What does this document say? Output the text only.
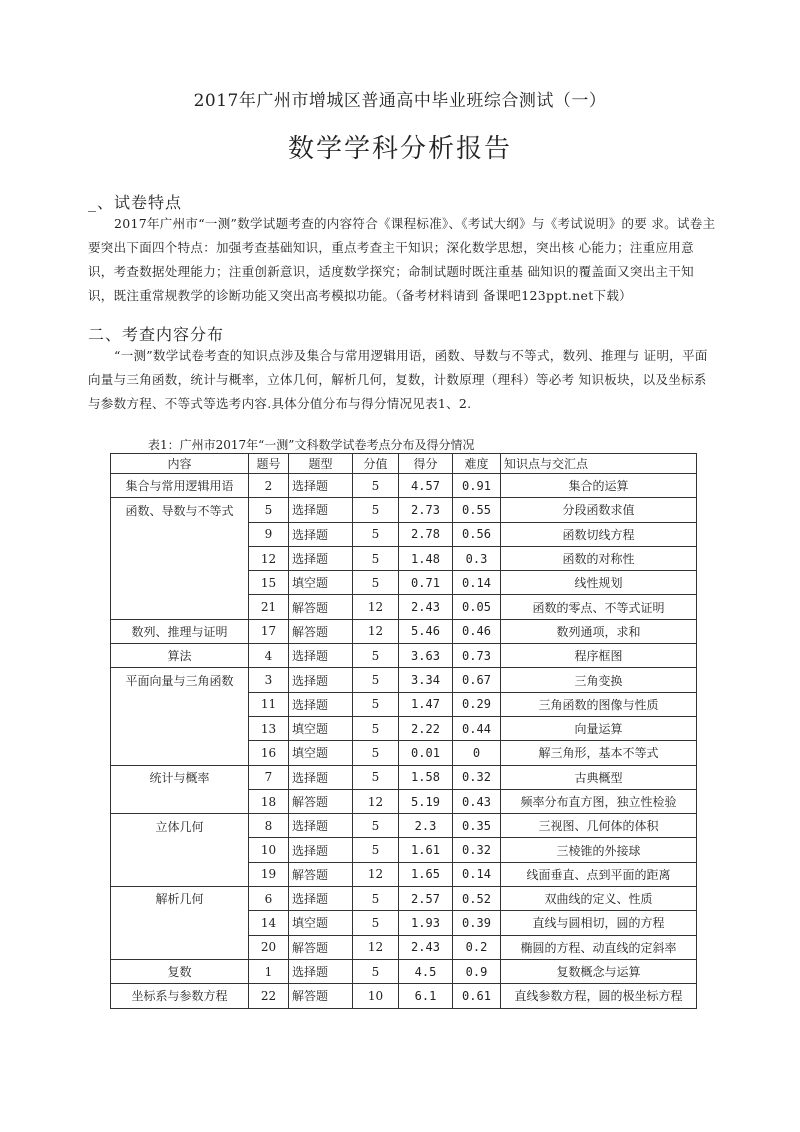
2017年广州市增城区普通高中毕业班综合测试（一）
数学学科分析报告
_、试卷特点
2017年广州市“一测”数学试题考查的内容符合《课程标准》、《考试大纲》与《考试说明》的要 求。试卷主要突出下面四个特点：加强考查基础知识，重点考查主干知识；深化数学思想，突出核 心能力；注重应用意识，考查数据处理能力；注重创新意识，适度数学探究；命制试题时既注重基 础知识的覆盖面又突出主干知识，既注重常规教学的诊断功能又突出高考模拟功能。（备考材料请到 备课吧123ppt.net下载）
二、考查内容分布
“一测”数学试卷考查的知识点涉及集合与常用逻辑用语，函数、导数与不等式，数列、推理与 证明，平面向量与三角函数，统计与概率，立体几何，解析几何，复数，计数原理（理科）等必考 知识板块，以及坐标系与参数方程、不等式等选考内容.具体分值分布与得分情况见表1、2.
表1：广州市2017年“一测”文科数学试卷考点分布及得分情况
内容	题号	题型	分值	得分	难度	知识点与交汇点
集合与常用逻辑用语	2	选择题	5	4.57	0.91	集合的运算
函数、导数与不等式	5	选择题	5	2.73	0.55	分段函数求值
	9	选择题	5	2.78	0.56	函数切线方程
	12	选择题	5	1.48	0.3	函数的对称性
	15	填空题	5	0.71	0.14	线性规划
	21	解答题	12	2.43	0.05	函数的零点、不等式证明
数列、推理与证明	17	解答题	12	5.46	0.46	数列通项，求和
算法	4	选择题	5	3.63	0.73	程序框图
平面向量与三角函数	3	选择题	5	3.34	0.67	三角变换
	11	选择题	5	1.47	0.29	三角函数的图像与性质
	13	填空题	5	2.22	0.44	向量运算
	16	填空题	5	0.01	0	解三角形，基本不等式
统计与概率	7	选择题	5	1.58	0.32	古典概型
	18	解答题	12	5.19	0.43	频率分布直方图，独立性检验
立体几何	8	选择题	5	2.3	0.35	三视图、几何体的体积
	10	选择题	5	1.61	0.32	三棱锥的外接球
	19	解答题	12	1.65	0.14	线面垂直、点到平面的距离
解析几何	6	选择题	5	2.57	0.52	双曲线的定义、性质
	14	填空题	5	1.93	0.39	直线与圆相切，圆的方程
	20	解答题	12	2.43	0.2	椭圆的方程、动直线的定斜率
复数	1	选择题	5	4.5	0.9	复数概念与运算
坐标系与参数方程	22	解答题	10	6.1	0.61	直线参数方程，圆的极坐标方程
